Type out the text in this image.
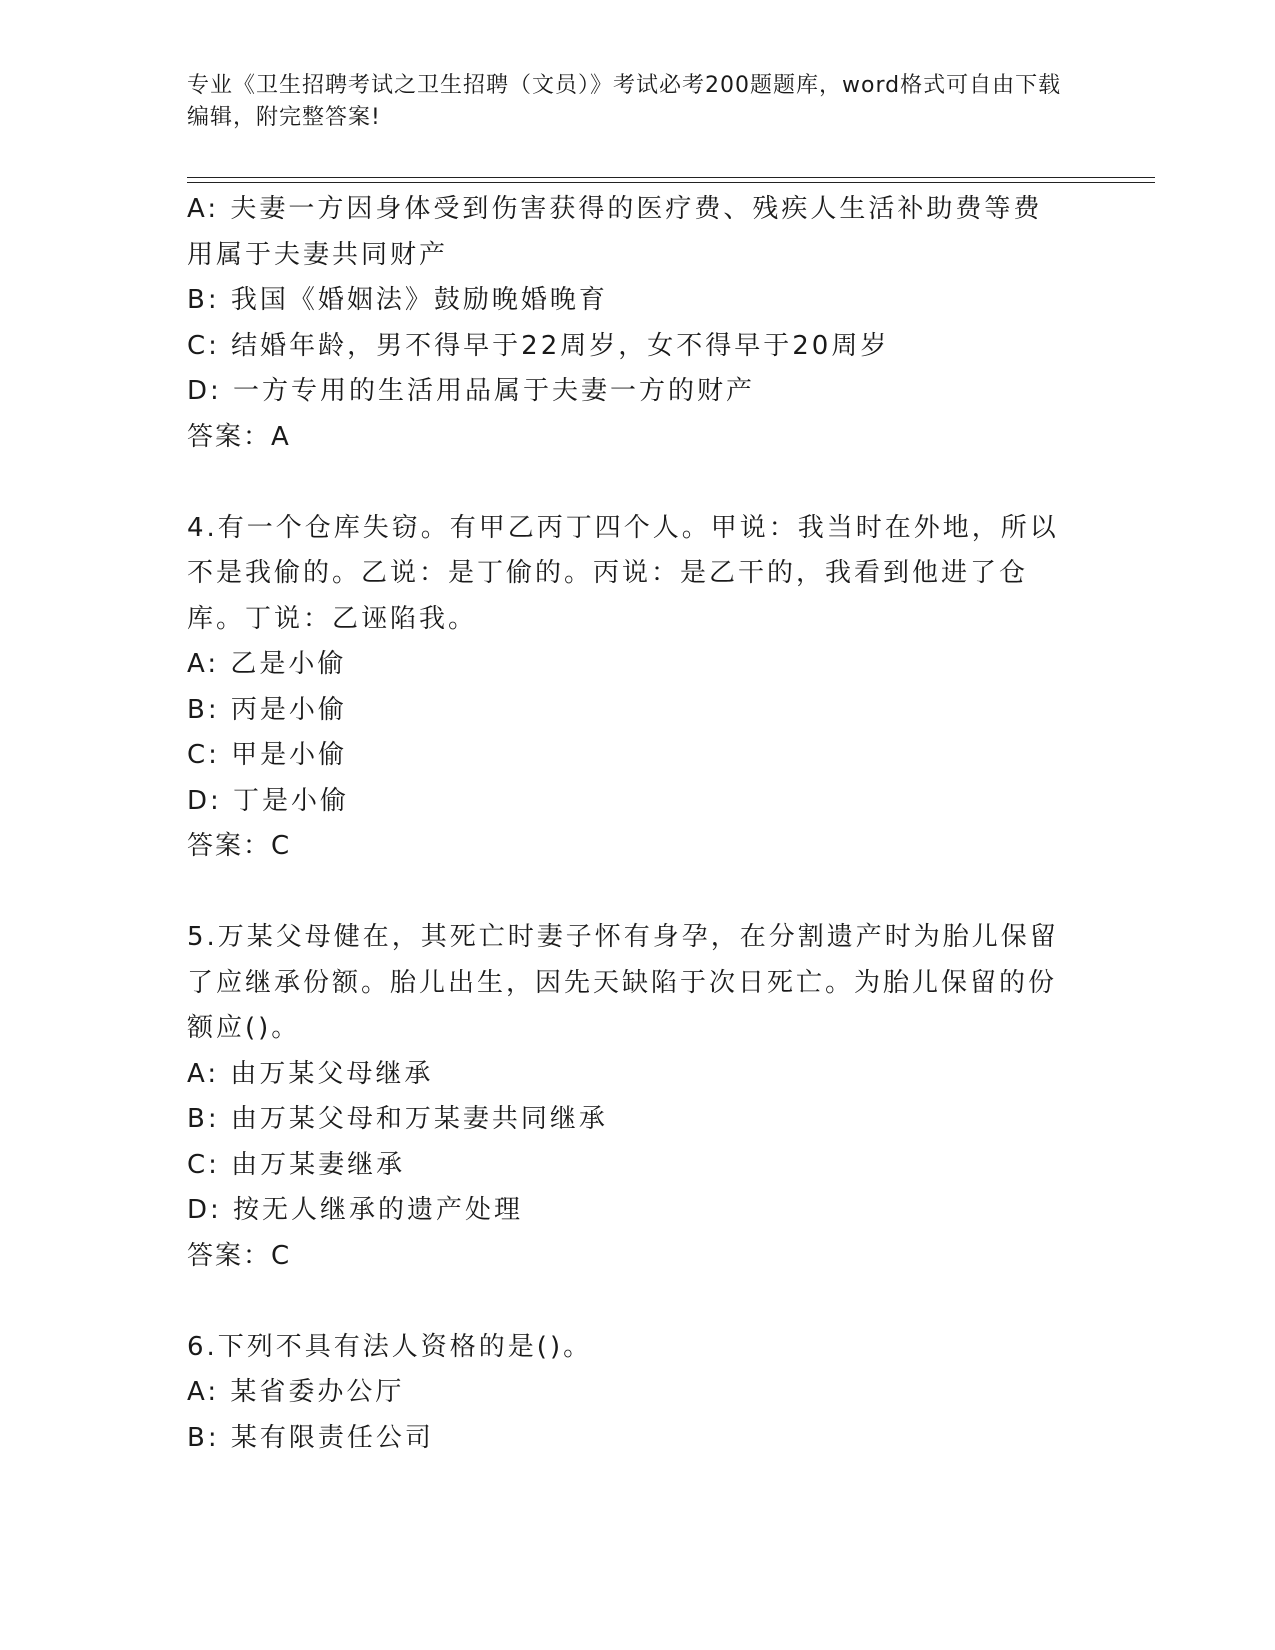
专业《卫生招聘考试之卫生招聘（文员）》考试必考200题题库，word格式可自由下载编辑，附完整答案!
A: 夫妻一方因身体受到伤害获得的医疗费、残疾人生活补助费等费用属于夫妻共同财产
B: 我国《婚姻法》鼓励晚婚晚育
C: 结婚年龄，男不得早于22周岁，女不得早于20周岁
D: 一方专用的生活用品属于夫妻一方的财产
答案：A
4.有一个仓库失窃。有甲乙丙丁四个人。甲说：我当时在外地，所以不是我偷的。乙说：是丁偷的。丙说：是乙干的，我看到他进了仓库。丁说：乙诬陷我。
A: 乙是小偷
B: 丙是小偷
C: 甲是小偷
D: 丁是小偷
答案：C
5.万某父母健在，其死亡时妻子怀有身孕，在分割遗产时为胎儿保留了应继承份额。胎儿出生，因先天缺陷于次日死亡。为胎儿保留的份额应()。
A: 由万某父母继承
B: 由万某父母和万某妻共同继承
C: 由万某妻继承
D: 按无人继承的遗产处理
答案：C
6.下列不具有法人资格的是()。
A: 某省委办公厅
B: 某有限责任公司
